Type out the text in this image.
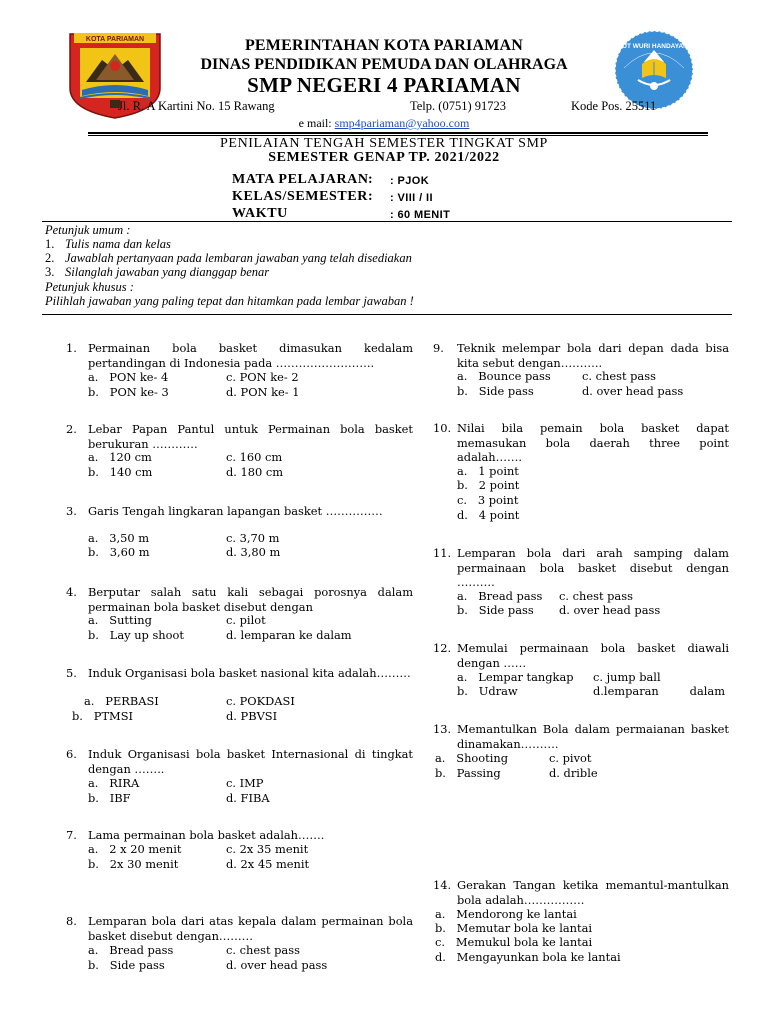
KOTA PARIAMAN
TUT WURI HANDAYANI
PEMERINTAHAN KOTA PARIAMAN
DINAS PENDIDIKAN PEMUDA DAN OLAHRAGA
SMP NEGERI 4 PARIAMAN
Jl. R. A Kartini No. 15 Rawang	Telp. (0751) 91723	Kode Pos. 25511
e mail: smp4pariaman@yahoo.com
PENILAIAN TENGAH SEMESTER TINGKAT SMP
SEMESTER GENAP TP. 2021/2022
MATA PELAJARAN : : PJOK
KELAS/SEMESTER : : VIII / II
WAKTU	: 60 MENIT
Petunjuk umum :
1. Tulis nama dan kelas
2. Jawablah pertanyaan pada lembaran jawaban yang telah disediakan
3. Silanglah jawaban yang dianggap benar
Petunjuk khusus :
Pilihlah jawaban yang paling tepat dan hitamkan pada lembar jawaban !
1. Permainan bola basket dimasukan kedalam pertandingan di Indonesia pada ……………………..
a. PON ke- 4	c. PON ke- 2
b. PON ke- 3	d. PON ke- 1
2. Lebar Papan Pantul untuk Permainan bola basket berukuran …………
a. 120 cm	c. 160 cm
b. 140 cm	d. 180 cm
3. Garis Tengah lingkaran lapangan basket ……………
a. 3,50 m	c. 3,70 m
b. 3,60 m	d. 3,80 m
4. Berputar salah satu kali sebagai porosnya dalam permainan bola basket disebut dengan
a. Sutting	c. pilot
b. Lay up shoot	d. lemparan ke dalam
5. Induk Organisasi bola basket nasional kita adalah………
a. PERBASI	c. POKDASI
b. PTMSI	d. PBVSI
6. Induk Organisasi bola basket Internasional di tingkat dengan ……..
a. RIRA	c. IMP
b. IBF	d. FIBA
7. Lama permainan bola basket adalah…….
a. 2 x 20 menit	c. 2x 35 menit
b. 2x 30 menit	d. 2x 45 menit
8. Lemparan bola dari atas kepala dalam permainan bola basket disebut dengan………
a. Bread pass	c. chest pass
b. Side pass	d. over head pass
9. Teknik melempar bola dari depan dada bisa kita sebut dengan………..
a. Bounce pass	c. chest pass
b. Side pass	d. over head pass
10. Nilai bila pemain bola basket dapat memasukan bola daerah three point adalah…….
a. 1 point
b. 2 point
c. 3 point
d. 4 point
11. Lemparan bola dari arah samping dalam permainaan bola basket disebut dengan ……….
a. Bread pass c. chest pass
b. Side pass d. over head pass
12. Memulai permainaan bola basket diawali dengan ……
a. Lempar tangkap c. jump ball
b. Udraw	d. lemparan dalam
13. Memantulkan Bola dalam permaianan basket dinamakan……….
a. Shooting	c. pivot
b. Passing	d. drible
14. Gerakan Tangan ketika memantul-mantulkan bola adalah…………….
a. Mendorong ke lantai
b. Memutar bola ke lantai
c. Memukul bola ke lantai
d. Mengayunkan bola ke lantai
